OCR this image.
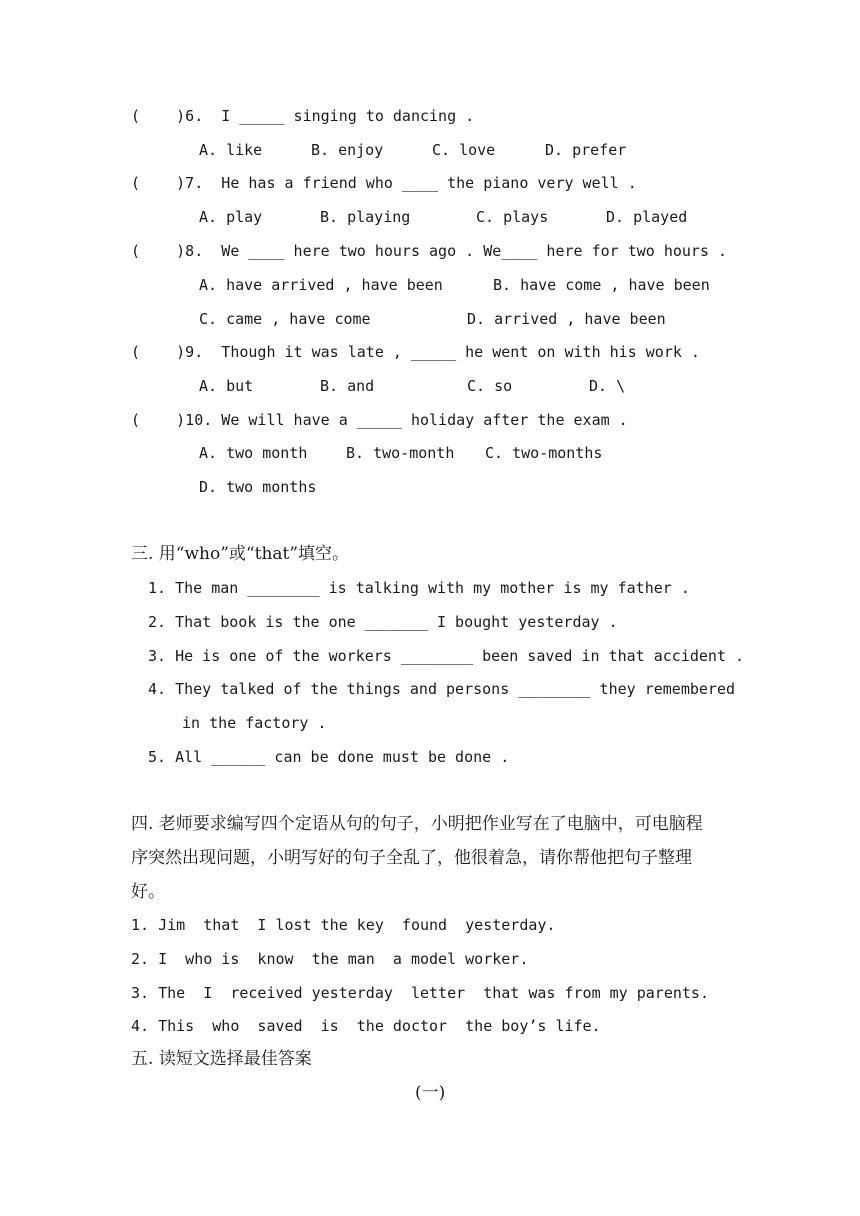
(    )6.  I _____ singing to dancing .
A. like	B. enjoy	C. love	D. prefer
(    )7.  He has a friend who ____ the piano very well .
A. play	B. playing	C. plays	D. played
(    )8.  We ____ here two hours ago . We____ here for two hours .
A. have arrived , have been	B. have come , have been
C. came , have come	D. arrived , have been
(    )9.  Though it was late , _____ he went on with his work .
A. but	B. and	C. so	D. \
(    )10. We will have a _____ holiday after the exam .
A. two month	B. two-month C. two-months
D. two months
三. 用“who”或“that”填空。
1. The man ________ is talking with my mother is my father .
2. That book is the one _______ I bought yesterday .
3. He is one of the workers ________ been saved in that accident .
4. They talked of the things and persons ________ they remembered
in the factory .
5. All ______ can be done must be done .
四. 老师要求编写四个定语从句的句子，小明把作业写在了电脑中，可电脑程
序突然出现问题，小明写好的句子全乱了，他很着急，请你帮他把句子整理
好。
1. Jim  that  I lost the key  found  yesterday.
2. I  who is  know  the man  a model worker.
3. The  I  received yesterday  letter  that was from my parents.
4. This  who  saved  is  the doctor  the boy’s life.
五. 读短文选择最佳答案
(一)
